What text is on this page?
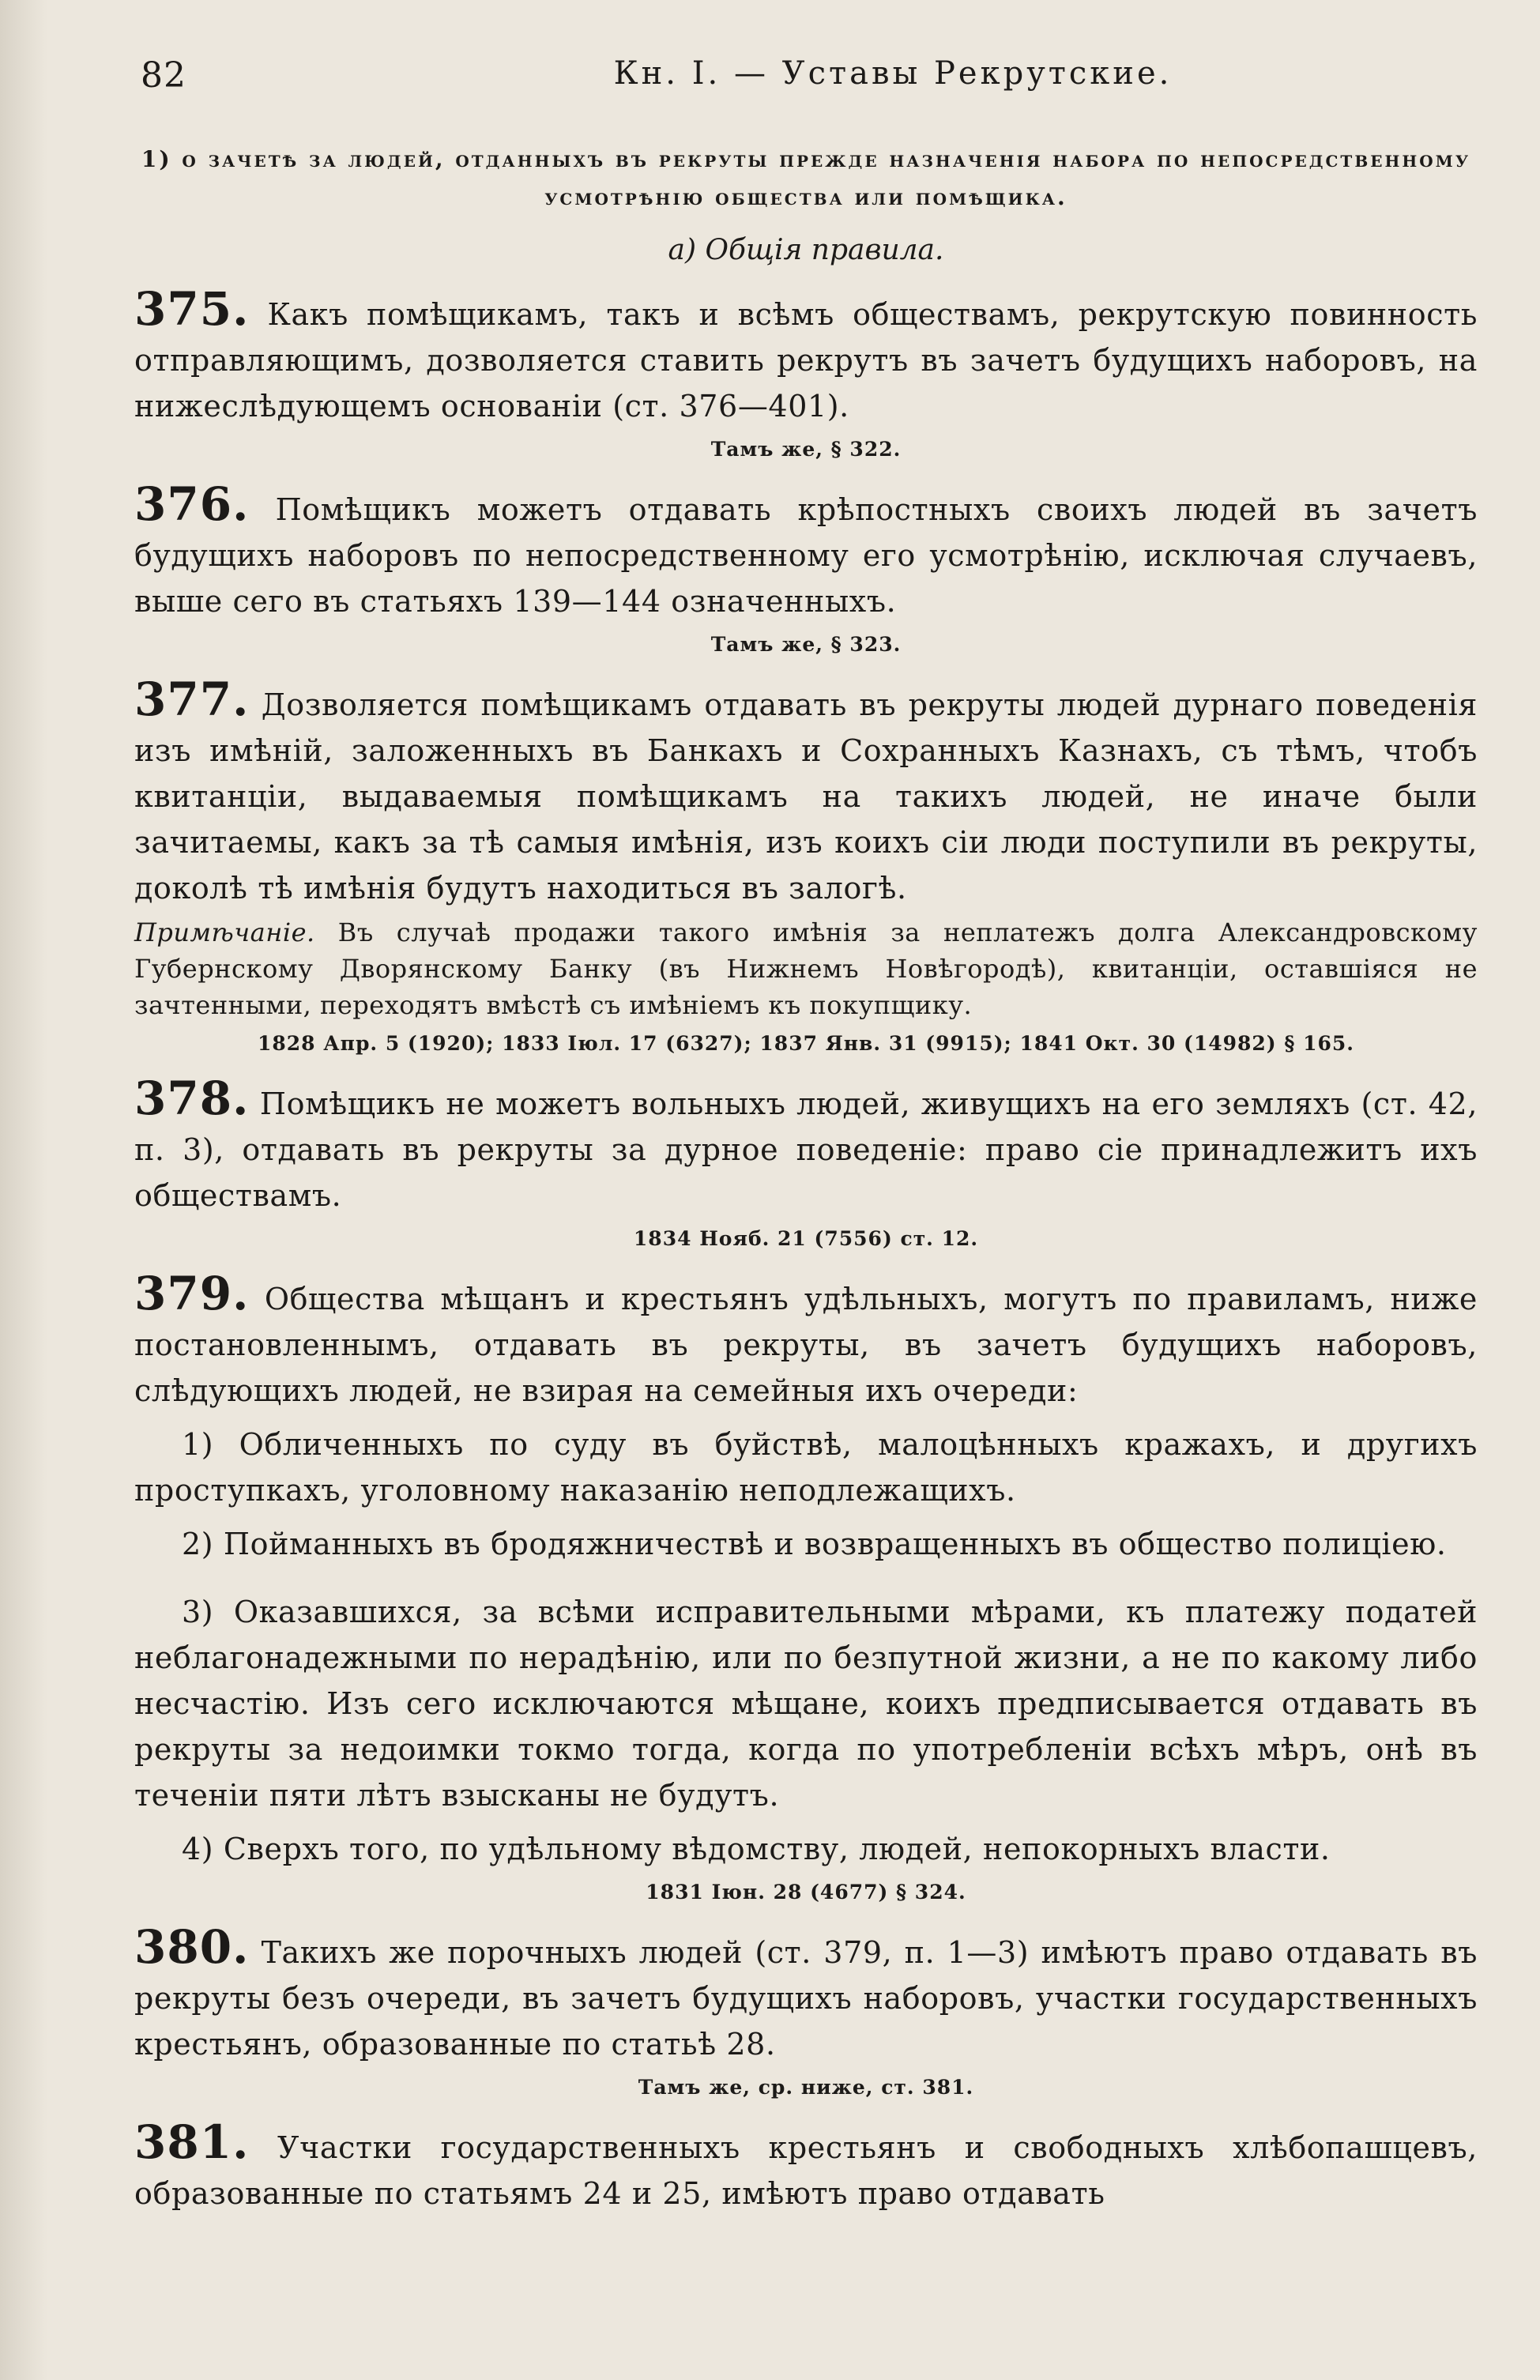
82	Кн. I. — Уставы Рекрутские.
1) о зачетѣ за людей, отданныхъ въ рекруты прежде назначенія набора по непосредственному усмотрѣнію общества или помѣщика.
а) Общія правила.

375. Какъ помѣщикамъ, такъ и всѣмъ обществамъ, рекрутскую повинность отправляющимъ, дозволяется ставить рекрутъ въ зачетъ будущихъ наборовъ, на нижеслѣдующемъ основаніи (ст. 376—401).

Тамъ же, § 322.

376. Помѣщикъ можетъ отдавать крѣпостныхъ своихъ людей въ зачетъ будущихъ наборовъ по непосредственному его усмотрѣнію, исключая случаевъ, выше сего въ статьяхъ 139—144 означенныхъ.

Тамъ же, § 323.

377. Дозволяется помѣщикамъ отдавать въ рекруты людей дурнаго поведенія изъ имѣній, заложенныхъ въ Банкахъ и Сохранныхъ Казнахъ, съ тѣмъ, чтобъ квитанціи, выдаваемыя помѣщикамъ на такихъ людей, не иначе были зачитаемы, какъ за тѣ самыя имѣнія, изъ коихъ сіи люди поступили въ рекруты, доколѣ тѣ имѣнія будутъ находиться въ залогѣ.

Примѣчаніе. Въ случаѣ продажи такого имѣнія за неплатежъ долга Александровскому Губернскому Дворянскому Банку (въ Нижнемъ Новѣгородѣ), квитанціи, оставшіяся не зачтенными, переходятъ вмѣстѣ съ имѣніемъ къ покупщику.

1828 Апр. 5 (1920); 1833 Іюл. 17 (6327); 1837 Янв. 31 (9915); 1841 Окт. 30 (14982) § 165.

378. Помѣщикъ не можетъ вольныхъ людей, живущихъ на его земляхъ (ст. 42, п. 3), отдавать въ рекруты за дурное поведеніе: право сіе принадлежитъ ихъ обществамъ.

1834 Нояб. 21 (7556) ст. 12.

379. Общества мѣщанъ и крестьянъ удѣльныхъ, могутъ по правиламъ, ниже постановленнымъ, отдавать въ рекруты, въ зачетъ будущихъ наборовъ, слѣдующихъ людей, не взирая на семейныя ихъ очереди:

1) Обличенныхъ по суду въ буйствѣ, малоцѣнныхъ кражахъ, и другихъ проступкахъ, уголовному наказанію неподлежащихъ.

2) Пойманныхъ въ бродяжничествѣ и возвращенныхъ въ общество полиціею.

3) Оказавшихся, за всѣми исправительными мѣрами, къ платежу податей неблагонадежными по нерадѣнію, или по безпутной жизни, а не по какому либо несчастію. Изъ сего исключаются мѣщане, коихъ предписывается отдавать въ рекруты за недоимки токмо тогда, когда по употребленіи всѣхъ мѣръ, онѣ въ теченіи пяти лѣтъ взысканы не будутъ.

4) Сверхъ того, по удѣльному вѣдомству, людей, непокорныхъ власти.

1831 Іюн. 28 (4677) § 324.

380. Такихъ же порочныхъ людей (ст. 379, п. 1—3) имѣютъ право отдавать въ рекруты безъ очереди, въ зачетъ будущихъ наборовъ, участки государственныхъ крестьянъ, образованные по статьѣ 28.

Тамъ же, ср. ниже, ст. 381.

381. Участки государственныхъ крестьянъ и свободныхъ хлѣбопашцевъ, образованные по статьямъ 24 и 25, имѣютъ право отдавать
